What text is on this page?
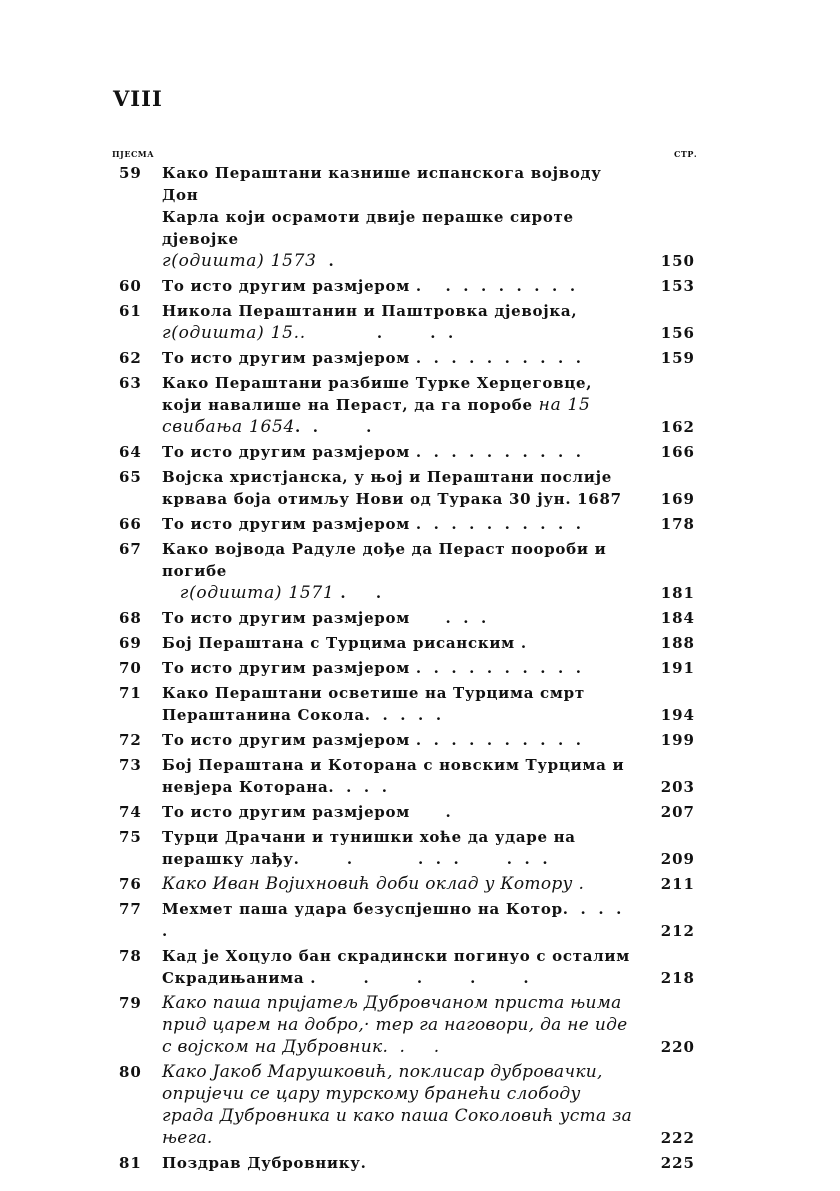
VIII
ПЈЕСМА	СТР.
59	Како Пераштани казнише испанскога војводу Дон
Карла који осрамоти двије перашке сироте дјевојке
г(одишта) 1573  .	150
60	То исто другим размјером .    .  .  .  .  .  .  .  .	153
61	Никола Пераштанин и Паштровка дјевојка, г(одишта) 15..            .        .  .	156
62	То исто другим размјером .  .  .  .  .  .  .  .  .  .	159
63	Како Пераштани разбише Турке Херцеговце, који навалише на Пераст, да га поробе на 15 свибања 1654.  .        .	162
64	То исто другим размјером .  .  .  .  .  .  .  .  .  .	166
65	Војска христјанска, у њој и Пераштани послије крвава боја отимљу Нови од Турака 30 јун. 1687	169
66	То исто другим размјером .  .  .  .  .  .  .  .  .  .	178
67	Како војвода Радуле дође да Пераст поороби и погибе
г(одишта) 1571 .     .	181
68	То исто другим размјером      .  .  .	184
69	Бој Пераштана с Турцима рисанским .	188
70	То исто другим размјером .  .  .  .  .  .  .  .  .  .	191
71	Како Пераштани осветише на Турцима смрт Пераштанина Сокола.  .  .  .  .	194
72	То исто другим размјером .  .  .  .  .  .  .  .  .  .	199
73	Бој Пераштана и Которана с новским Турцима и невјера Которана.  .  .  .	203
74	То исто другим размјером      .	207
75	Турци Драчани и тунишки хоће да ударе на перашку лађу.        .           .  .  .        .  .  .	209
76	Како Иван Војихновић доби оклад у Котору .	211
77	Мехмет паша удара безуспјешно на Котор.  .  .  .  .	212
78	Кад је Хоцуло бан скрадински погинуо с осталим Скрадињанима .        .        .        .        .	218
79	Како паша пријатељ Дубровчаном приста њима прид царем на добро,· тер га наговори, да не иде с војском на Дубровник.  .     .	220
80	Како Јакоб Марушковић, поклисар дубровачки, опријечи се цару турскому бранећи слободу града Дубровника и како паша Соколовић уста за њега.	222
81	Поздрав Дубровнику.	225
